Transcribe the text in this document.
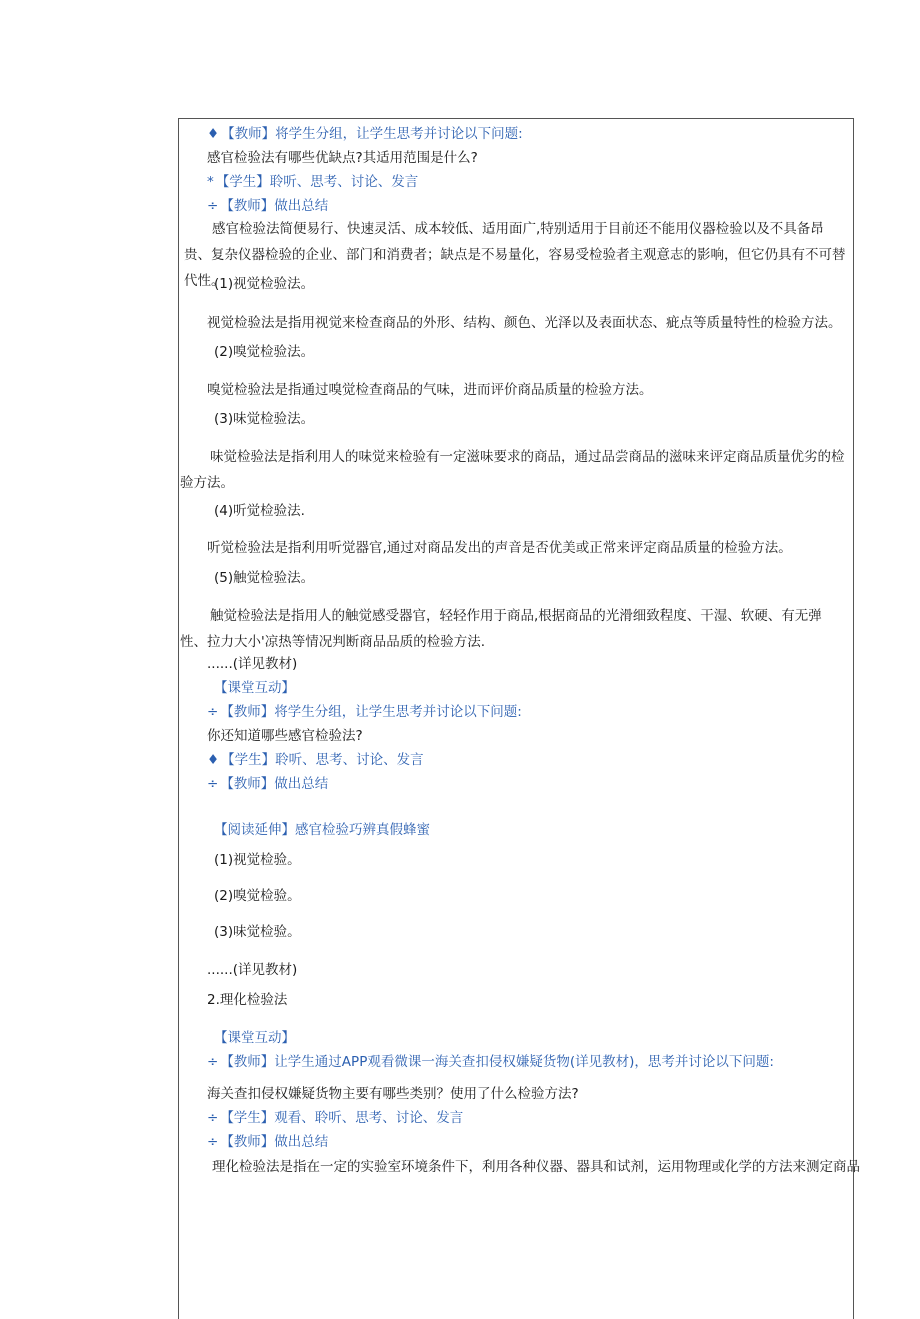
♦ 【教师】将学生分组，让学生思考并讨论以下问题:
感官检验法有哪些优缺点?其适用范围是什么?
* 【学生】聆听、思考、讨论、发言
÷ 【教师】做出总结
感官检验法简便易行、快速灵活、成本较低、适用面广,特别适用于目前还不能用仪器检验以及不具备昂贵、复杂仪器检验的企业、部门和消费者；缺点是不易量化，容易受检验者主观意志的影响，但它仍具有不可替代性。
(1)视觉检验法。
视觉检验法是指用视觉来检查商品的外形、结构、颜色、光泽以及表面状态、疵点等质量特性的检验方法。
(2)嗅觉检验法。
嗅觉检验法是指通过嗅觉检查商品的气味，进而评价商品质量的检验方法。
(3)味觉检验法。
味觉检验法是指利用人的味觉来检验有一定滋味要求的商品，通过品尝商品的滋味来评定商品质量优劣的检验方法。
(4)听觉检验法.
听觉检验法是指利用听觉器官,通过对商品发出的声音是否优美或正常来评定商品质量的检验方法。
(5)触觉检验法。
触觉检验法是指用人的触觉感受器官，轻轻作用于商品,根据商品的光滑细致程度、干湿、软硬、有无弹性、拉力大小'凉热等情况判断商品品质的检验方法.
......(详见教材)
【课堂互动】
÷ 【教师】将学生分组，让学生思考并讨论以下问题:
你还知道哪些感官检验法?
♦ 【学生】聆听、思考、讨论、发言
÷ 【教师】做出总结
【阅读延伸】感官检验巧辨真假蜂蜜
(1)视觉检验。
(2)嗅觉检验。
(3)味觉检验。
......(详见教材)
2.理化检验法
【课堂互动】
÷ 【教师】让学生通过APP观看微课一海关查扣侵权嫌疑货物(详见教材)，思考并讨论以下问题:
海关查扣侵权嫌疑货物主要有哪些类别？使用了什么检验方法?
÷ 【学生】观看、聆听、思考、讨论、发言
÷ 【教师】做出总结
理化检验法是指在一定的实验室环境条件下，利用各种仪器、器具和试剂，运用物理或化学的方法来测定商品
